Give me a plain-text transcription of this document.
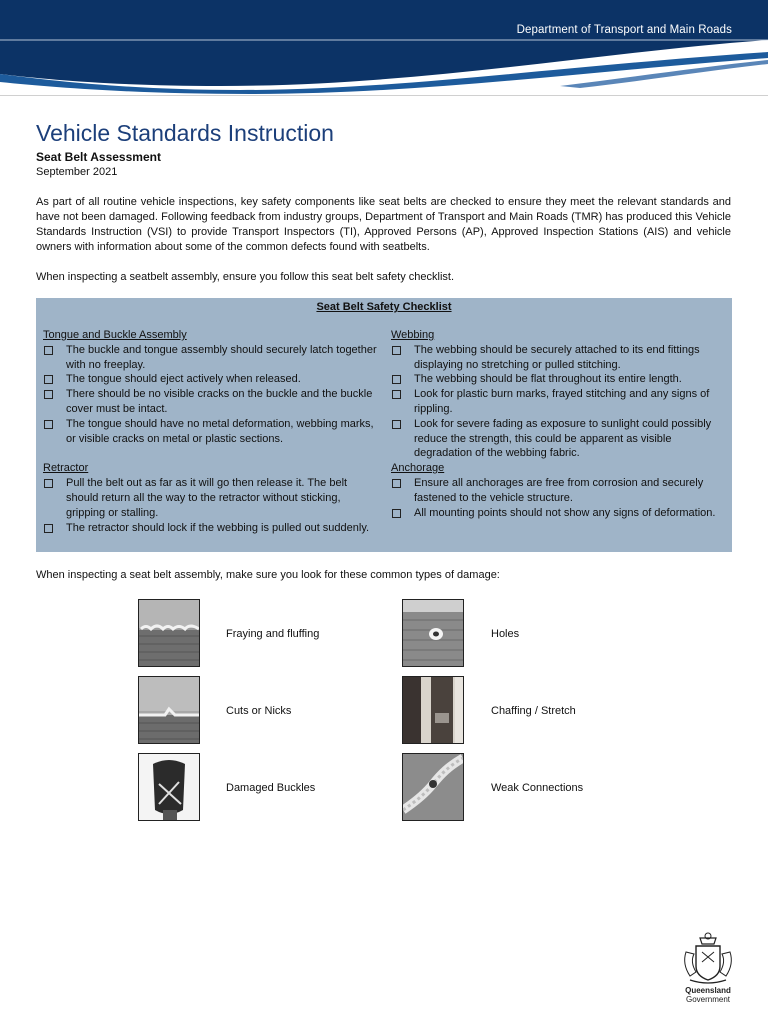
Department of Transport and Main Roads
Vehicle Standards Instruction
Seat Belt Assessment
September 2021

As part of all routine vehicle inspections, key safety components like seat belts are checked to ensure they meet the relevant standards and have not been damaged. Following feedback from industry groups, Department of Transport and Main Roads (TMR) has produced this Vehicle Standards Instruction (VSI) to provide Transport Inspectors (TI), Approved Persons (AP), Approved Inspection Stations (AIS) and vehicle owners with information about some of the common defects found with seatbelts.

When inspecting a seatbelt assembly, ensure you follow this seat belt safety checklist.
Seat Belt Safety Checklist
Tongue and Buckle Assembly
The buckle and tongue assembly should securely latch together with no freeplay.
The tongue should eject actively when released.
There should be no visible cracks on the buckle and the buckle cover must be intact.
The tongue should have no metal deformation, webbing marks, or visible cracks on metal or plastic sections.
Retractor
Pull the belt out as far as it will go then release it. The belt should return all the way to the retractor without sticking, gripping or stalling.
The retractor should lock if the webbing is pulled out suddenly.
Webbing
The webbing should be securely attached to its end fittings displaying no stretching or pulled stitching.
The webbing should be flat throughout its entire length.
Look for plastic burn marks, frayed stitching and any signs of rippling.
Look for severe fading as exposure to sunlight could possibly reduce the strength, this could be apparent as visible degradation of the webbing fabric.
Anchorage
Ensure all anchorages are free from corrosion and securely fastened to the vehicle structure.
All mounting points should not show any signs of deformation.
When inspecting a seat belt assembly, make sure you look for these common types of damage:
Fraying and fluffing	Holes
Cuts or Nicks	Chaffing / Stretch
Damaged Buckles	Weak Connections
Queensland
Government
